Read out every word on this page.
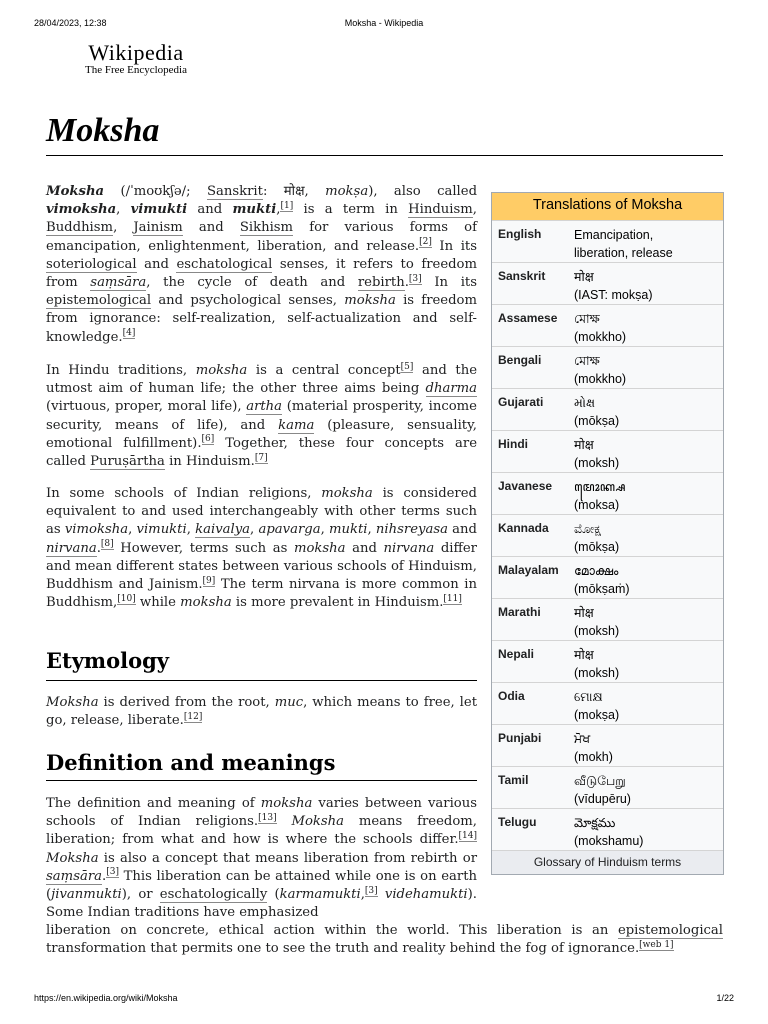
28/04/2023, 12:38	Moksha - Wikipedia
Wikipedia
The Free Encyclopedia
Moksha
Translations of Moksha
English	Emancipation,
liberation, release
Sanskrit	मोक्ष
(IAST: mokṣa)
Assamese	মোক্ষ
(mokkho)
Bengali	মোক্ষ
(mokkho)
Gujarati	મોક્ષ
(mōkṣa)
Hindi	मोक्ष
(moksh)
Javanese	ꦩꦺꦴꦏ꧀ꦱ
(moksa)
Kannada	ಮೋಕ್ಷ
(mōkṣa)
Malayalam	മോക്ഷം
(mōkṣaṁ)
Marathi	मोक्ष
(moksh)
Nepali	मोक्ष
(moksh)
Odia	ମୋକ୍ଷ
(mokṣa)
Punjabi	ਮੋਖ
(mokh)
Tamil	வீடுபேறு
(vīdupēru)
Telugu	మోక్షము
(mokshamu)
Glossary of Hinduism terms

Moksha (/ˈmoʊkʃə/; Sanskrit: मोक्ष, mokṣa), also called vimoksha, vimukti and mukti,[1] is a term in Hinduism, Buddhism, Jainism and Sikhism for various forms of emancipation, enlightenment, liberation, and release.[2] In its soteriological and eschatological senses, it refers to freedom from saṃsāra, the cycle of death and rebirth.[3] In its epistemological and psychological senses, moksha is freedom from ignorance: self-realization, self-actualization and self-knowledge.[4]

In Hindu traditions, moksha is a central concept[5] and the utmost aim of human life; the other three aims being dharma (virtuous, proper, moral life), artha (material prosperity, income security, means of life), and kama (pleasure, sensuality, emotional fulfillment).[6] Together, these four concepts are called Puruṣārtha in Hinduism.[7]

In some schools of Indian religions, moksha is considered equivalent to and used interchangeably with other terms such as vimoksha, vimukti, kaivalya, apavarga, mukti, nihsreyasa and nirvana.[8] However, terms such as moksha and nirvana differ and mean different states between various schools of Hinduism, Buddhism and Jainism.[9] The term nirvana is more common in Buddhism,[10] while moksha is more prevalent in Hinduism.[11]

Etymology

Moksha is derived from the root, muc, which means to free, let go, release, liberate.[12]

Definition and meanings

The definition and meaning of moksha varies between various schools of Indian religions.[13] Moksha means freedom, liberation; from what and how is where the schools differ.[14] Moksha is also a concept that means liberation from rebirth or saṃsāra.[3] This liberation can be attained while one is on earth (jivanmukti), or eschatologically (karmamukti,[3] videhamukti). Some Indian traditions have emphasized

liberation on concrete, ethical action within the world. This liberation is an epistemological transformation that permits one to see the truth and reality behind the fog of ignorance.[web 1]

https://en.wikipedia.org/wiki/Moksha	1/22
